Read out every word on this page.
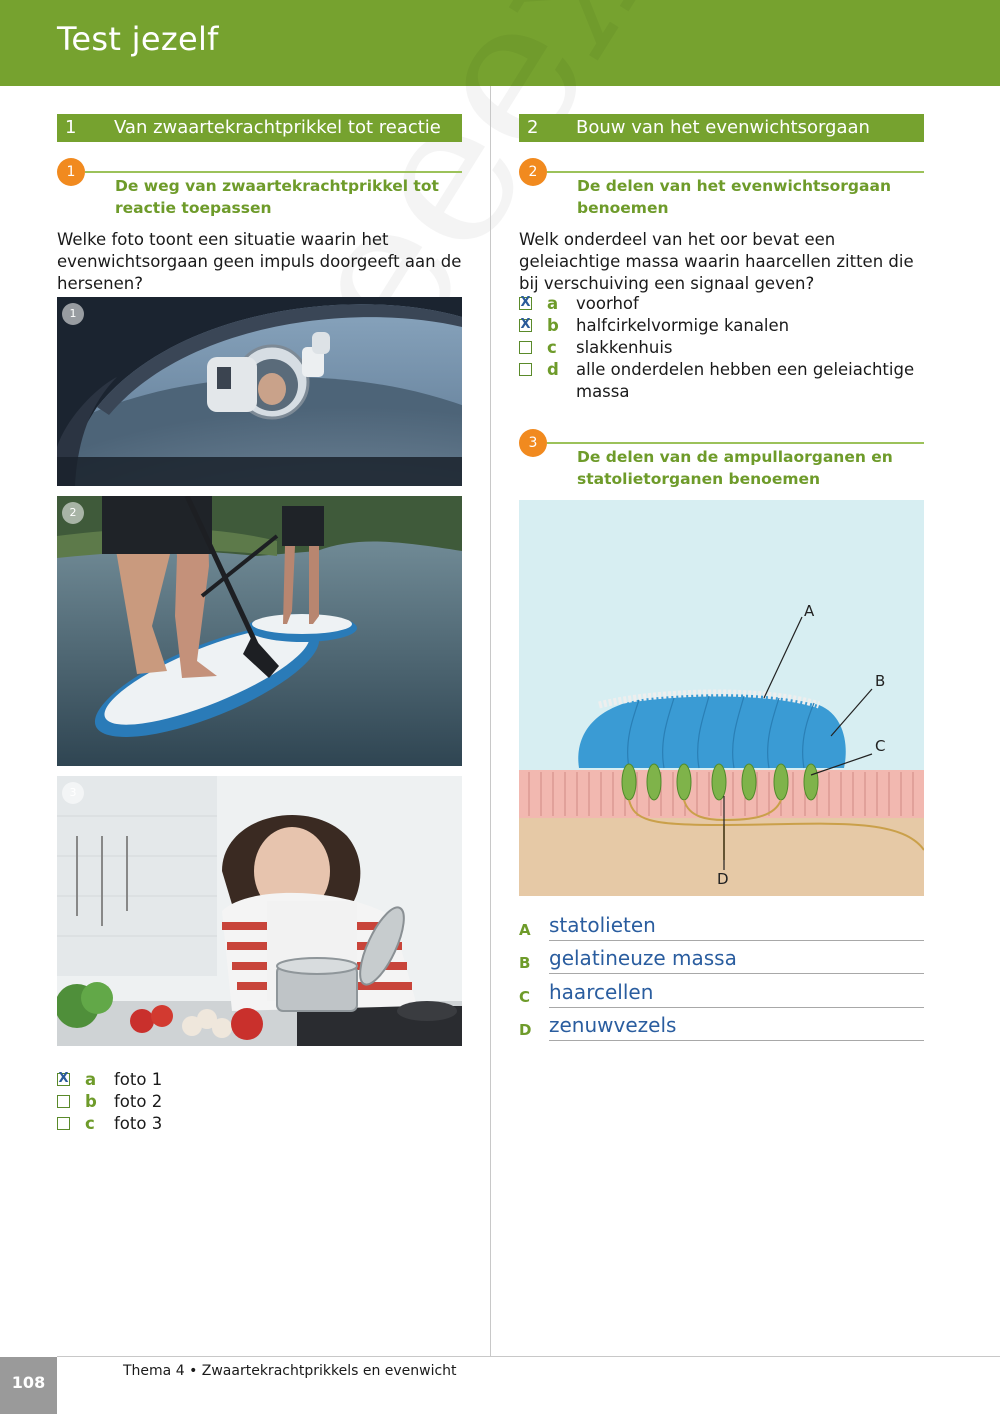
Test jezelf
1 Van zwaartekrachtprikkel tot reactie
1
De weg van zwaartekrachtprikkel tot reactie toepassen
Welke foto toont een situatie waarin het evenwichtsorgaan geen impuls doorgeeft aan de hersenen?
1
2
3
X a foto 1
b foto 2
c foto 3
2 Bouw van het evenwichtsorgaan
2
De delen van het evenwichtsorgaan benoemen
Welk onderdeel van het oor bevat een geleiachtige massa waarin haarcellen zitten die bij verschuiving een signaal geven?
X a voorhof
X b halfcirkelvormige kanalen
c slakkenhuis
d alle onderdelen hebben een geleiachtige
massa
3
De delen van de ampullaorganen en statolietorganen benoemen
A
B
C
D
A statolieten
B gelatineuze massa
C haarcellen
D zenuwvezels
108
Thema 4 • Zwaartekrachtprikkels en evenwicht
